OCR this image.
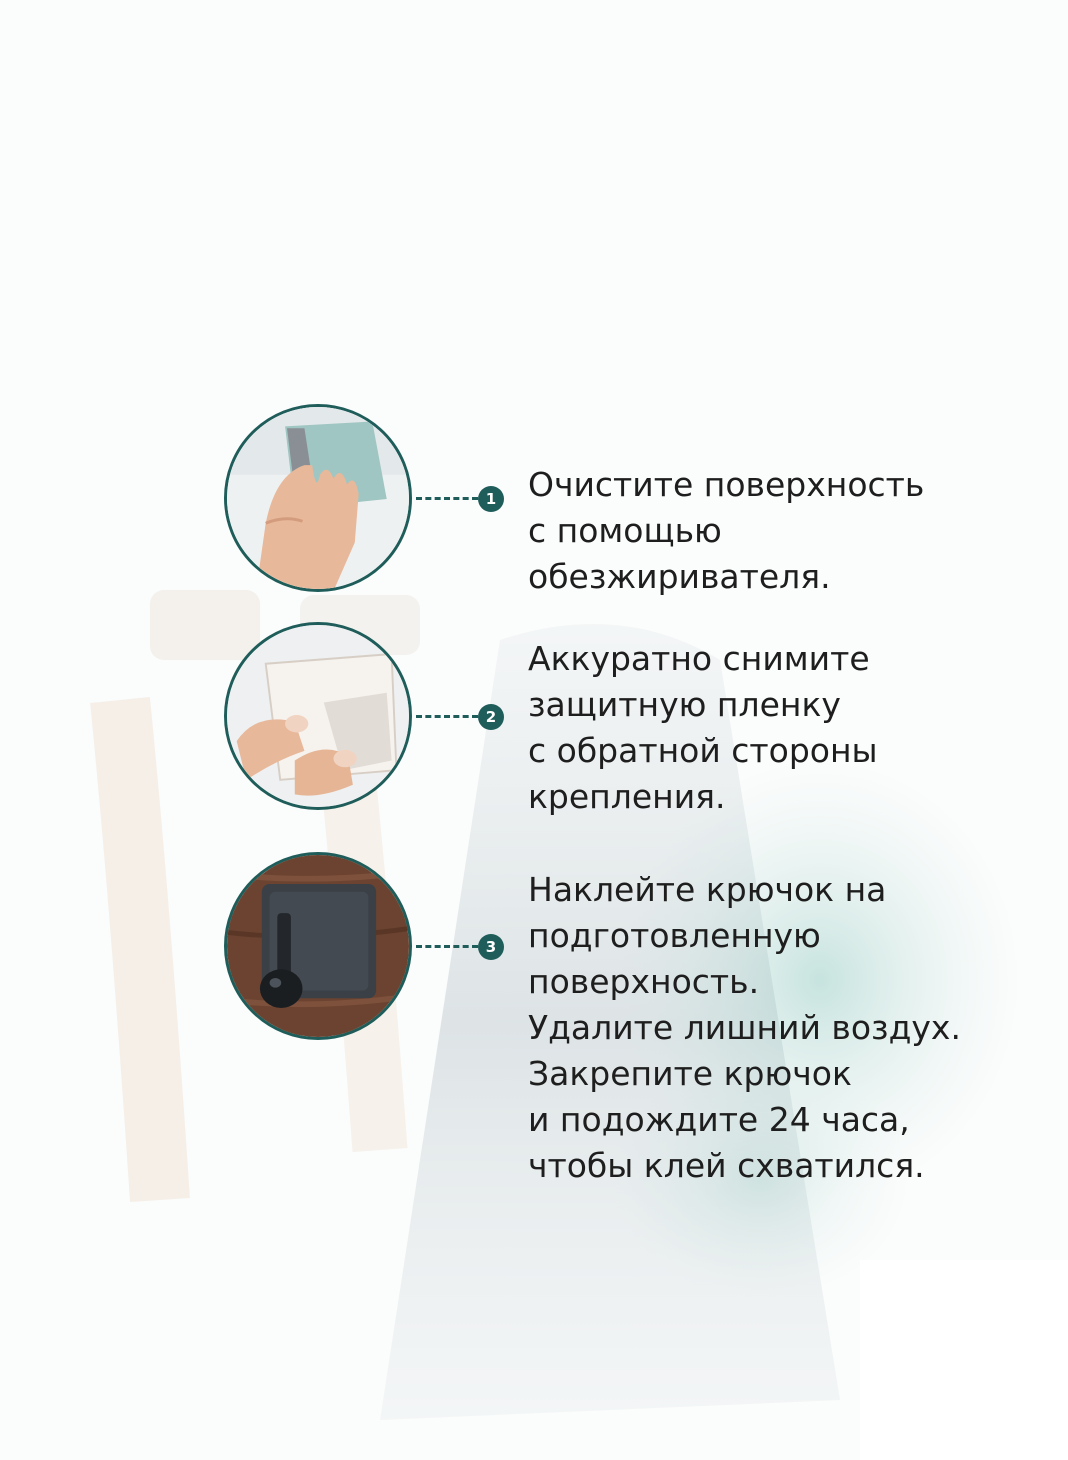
1 Очистите поверхность
с помощью
обезжиривателя.
2
Аккуратно снимите
защитную пленку
с обратной стороны
крепления.
3
Наклейте крючок на
подготовленную
поверхность.
Удалите лишний воздух.
Закрепите крючок
и подождите 24 часа,
чтобы клей схватился.
